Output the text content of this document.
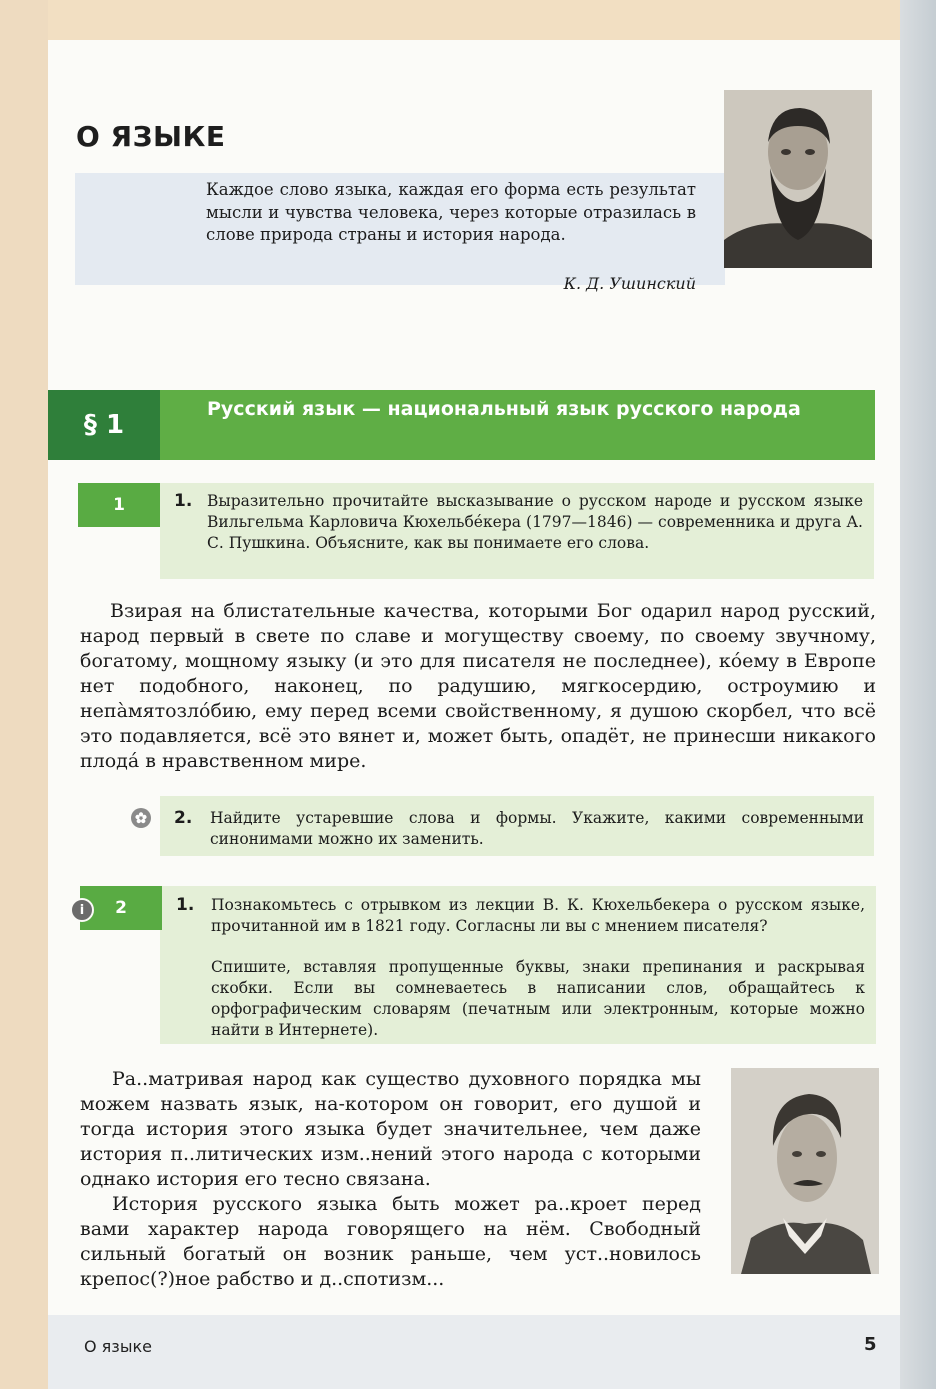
О ЯЗЫКЕ

Каждое слово языка, каждая его форма есть результат мысли и чувства человека, через которые отразилась в слове природа страны и история народа.

К. Д. Ушинский
§ 1
Русский язык — национальный язык русского народа
1	1. Выразительно прочитайте высказывание о русском народе и русском языке Вильгельма Карловича Кюхельбе́кера (1797—1846) — современника и друга А. С. Пушкина. Объясните, как вы понимаете его слова.

Взирая на блистательные качества, которыми Бог одарил народ русский, народ первый в свете по славе и могуществу своему, по своему звучному, богатому, мощному языку (и это для писателя не последнее), ко́ему в Европе нет подобного, наконец, по радушию, мягкосердию, остроумию и непа̀мятозло́бию, ему перед всеми свойственному, я душою скорбел, что всё это подавляется, всё это вянет и, может быть, опадёт, не принесши никакого плода́ в нравственном мире.

2. Найдите устаревшие слова и формы. Укажите, какими современными синонимами можно их заменить.

2
i	1. Познакомьтесь с отрывком из лекции В. К. Кюхельбекера о русском языке, прочитанной им в 1821 году. Согласны ли вы с мнением писателя?

Спишите, вставляя пропущенные буквы, знаки препинания и раскрывая скобки. Если вы сомневаетесь в написании слов, обращайтесь к орфографическим словарям (печатным или электронным, которые можно найти в Интернете).

Ра..матривая народ как существо духовного порядка мы можем назвать язык, на-котором он говорит, его душой и тогда история этого языка будет значительнее, чем даже история п..литических изм..нений этого народа с которыми однако история его тесно связана.

История русского языка быть может ра..кроет перед вами характер народа говорящего на нём. Свободный сильный богатый он возник раньше, чем уст..новилось крепос(?)ное рабство и д..спотизм...

О языке	5
